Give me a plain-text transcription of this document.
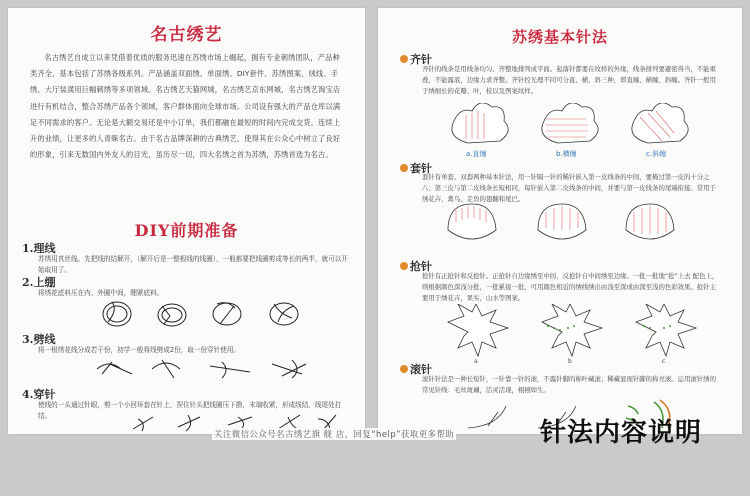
名古绣艺

名古绣艺自成立以来凭借着优质的服务迅速在苏绣市场上崛起，拥有专业刺绣团队，产品种类齐全，基本包括了苏绣各级系列。产品涵盖双面绣、单面绣、DIY套件、苏绣图案、绒线、手绣、大厅装潢用巨幅刺绣等多项领域。名古绣艺天猫网城，名古绣艺京东网城，名古绣艺淘宝店进行有机结合，整合苏绣产品各个领域，客户群体面向全球市场。公司设有强大的产品仓库以满足不同需求的客户。无论是大额交易还是中小订单，我们都融在最短的时间内完成交货，连续上升的业绩，让更多的人青睐名古。由于名古品牌深耕的古典绣艺，使得其在公众心中树立了良好的形象，引来无数国内外友人的目光，虽历尽一切，四大名绣之首为苏绣，苏绣首选为名古。

DIY前期准备
1.理线

苏绣用真丝线。先把线的结解开，（解开后是一整根线的线圈），一般都要把线圈剪成等长的两半，就可以开始取用了。

2.上绷

将绣花底料压在内、外圈中间，绷紧底料。

3.劈线

将一根绣花线分成若干份，初学一般将线劈成2份，取一份穿针使用。

4.穿针

使线的一头通过针眼，剪一个小回环套在针上，捏住针头把线圈压下撸，末端收紧，形成线结，线尾处打结。

苏绣基本针法
齐针

齐针的线条是用线条均匀、齐整地排列成平面。起落针都要在纹样的外缘，线条排列要避密得当，不能重叠，不能露底，边缘力求齐整。齐针控光理不同可分直、横、斜三种，即直缠、横缠、斜缠。齐针一般用于绣细长的花瓣、叶，枝以及图案纹样。

a.直缠	b.横缠	c.斜缠
套针

套针有单套、双套两种基本针法，用一针隔一针的稀针嵌入第一皮线条的中间，要掩过第一皮的十分之八；第三皮与第二皮线条长短相同，每针嵌入第二皮线条的中间，并要与第一皮线条的尾端衔接。常用于绣花卉、禽鸟、走兽的翅翻和尾巴。

抢针

抢针有正抢针和反抢针。正抢针自边缘绣至中间，反抢针自中间绣至边缘。一批一批地“抢”上去 配色上，则根据颜色深浅分批，一批累接一批，可用颜色相近的绣线绣出由浅至深或由深至浅的色彩效果。抢针主要用于绣花卉，果实，山水等图案。

a	b	c
滚针

滚针针法是一种长短针，一针靠一针的滚，不露针脚的称叶藏滚；稀藏显现针脚的称亮滚。运用滚针绣的常见针线：毛丝斑斓，活灵活现，栩栩如生。

关注微信公众号名古绣艺旗 舰 店，回复“help”获取更多帮助	针法内容说明
